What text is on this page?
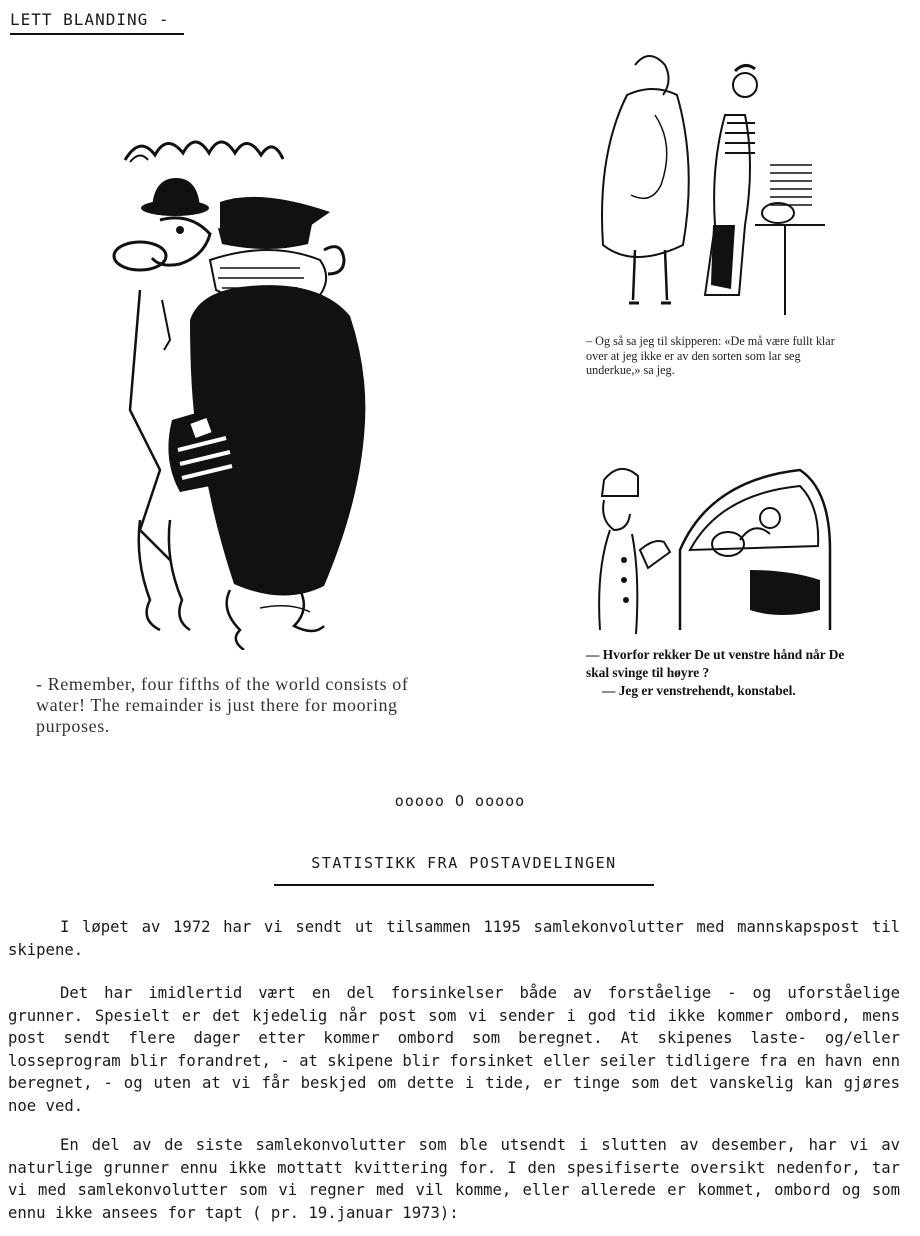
LETT BLANDING -
- Remember, four fifths of the world consists of water! The remainder is just there for mooring purposes.
– Og så sa jeg til skipperen: «De må være fullt klar over at jeg ikke er av den sorten som lar seg underkue,» sa jeg.

— Hvorfor rekker De ut venstre hånd når De skal svinge til høyre ?

— Jeg er venstrehendt, konstabel.

ooooo O ooooo
STATISTIKK FRA POSTAVDELINGEN

I løpet av 1972 har vi sendt ut tilsammen 1195 samlekonvolutter med mannskapspost til skipene.

Det har imidlertid vært en del forsinkelser både av forståelige - og uforståelige grunner. Spesielt er det kjedelig når post som vi sender i god tid ikke kommer ombord, mens post sendt flere dager etter kommer ombord som beregnet. At skipenes laste- og/eller losseprogram blir forandret, - at skipene blir forsinket eller seiler tidligere fra en havn enn beregnet, - og uten at vi får beskjed om dette i tide, er tinge som det vanskelig kan gjøres noe ved.

En del av de siste samlekonvolutter som ble utsendt i slutten av desember, har vi av naturlige grunner ennu ikke mottatt kvittering for. I den spesifiserte oversikt nedenfor, tar vi med samlekonvolutter som vi regner med vil komme, eller allerede er kommet, ombord og som ennu ikke ansees for tapt ( pr. 19.januar 1973):
